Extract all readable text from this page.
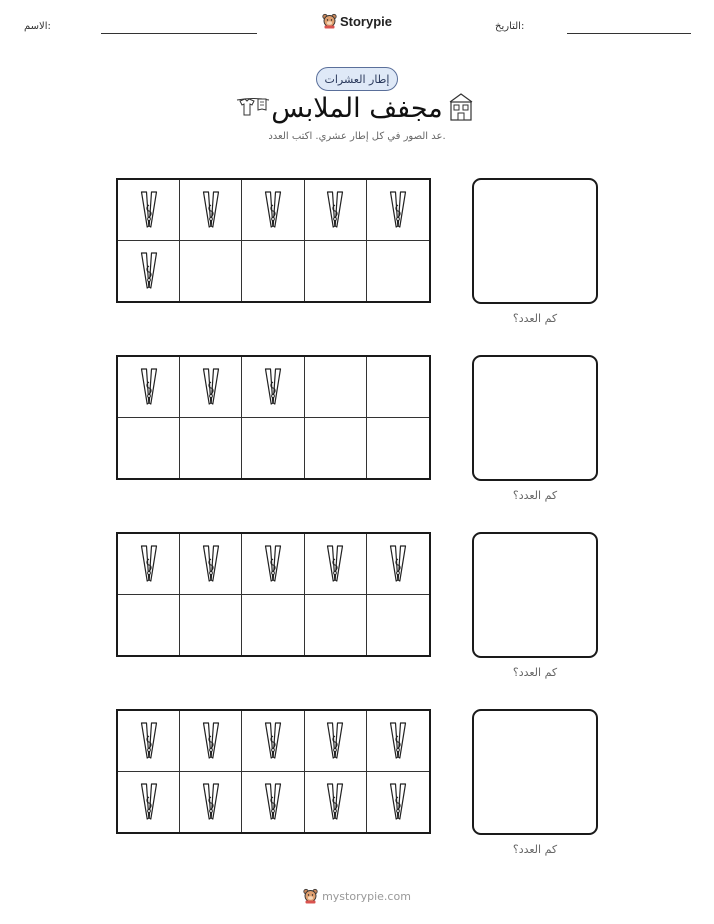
الاسم:	Storypie	التاريخ:
إطار العشرات
مجفف الملابس
عد الصور في كل إطار عشري. اكتب العدد.
كم العدد؟
كم العدد؟
كم العدد؟
كم العدد؟
mystorypie.com
